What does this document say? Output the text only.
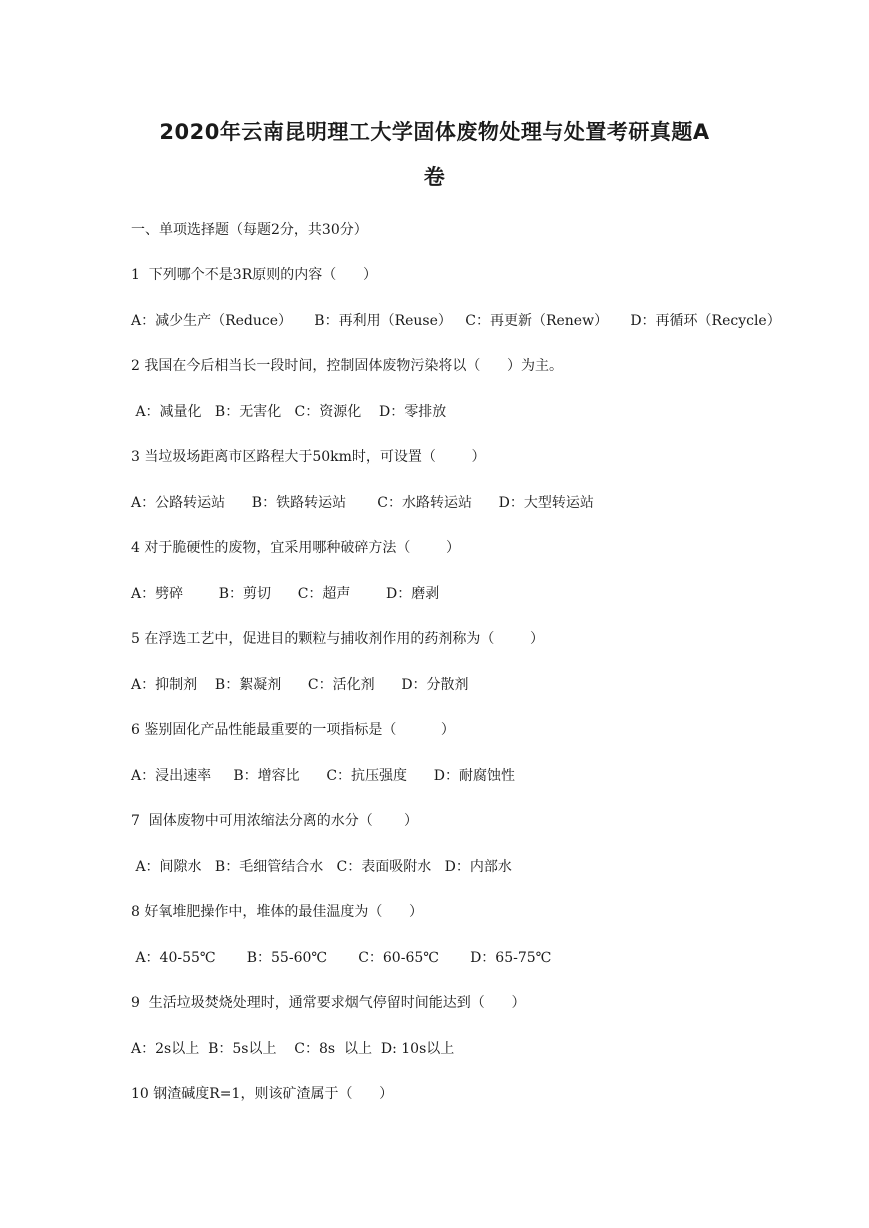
2020年云南昆明理工大学固体废物处理与处置考研真题A
卷
一、单项选择题（每题2分，共30分）
1  下列哪个不是3R原则的内容（      ）
A：减少生产（Reduce）     B：再利用（Reuse）   C：再更新（Renew）     D：再循环（Recycle）
2 我国在今后相当长一段时间，控制固体废物污染将以（      ）为主。
A：减量化   B：无害化   C：资源化    D：零排放
3 当垃圾场距离市区路程大于50km时，可设置（        ）
A：公路转运站      B：铁路转运站       C：水路转运站      D：大型转运站
4 对于脆硬性的废物，宜采用哪种破碎方法（        ）
A：劈碎        B：剪切      C：超声        D：磨剥
5 在浮选工艺中，促进目的颗粒与捕收剂作用的药剂称为（        ）
A：抑制剂    B：絮凝剂      C：活化剂      D：分散剂
6 鉴别固化产品性能最重要的一项指标是（          ）
A：浸出速率     B：增容比      C：抗压强度      D：耐腐蚀性
7  固体废物中可用浓缩法分离的水分（       ）
A：间隙水   B：毛细管结合水   C：表面吸附水   D：内部水
8 好氧堆肥操作中，堆体的最佳温度为（      ）
A：40-55℃       B：55-60℃       C：60-65℃       D：65-75℃
9  生活垃圾焚烧处理时，通常要求烟气停留时间能达到（      ）
A：2s以上  B：5s以上    C：8s  以上  D: 10s以上
10 钢渣碱度R=1，则该矿渣属于（      ）
